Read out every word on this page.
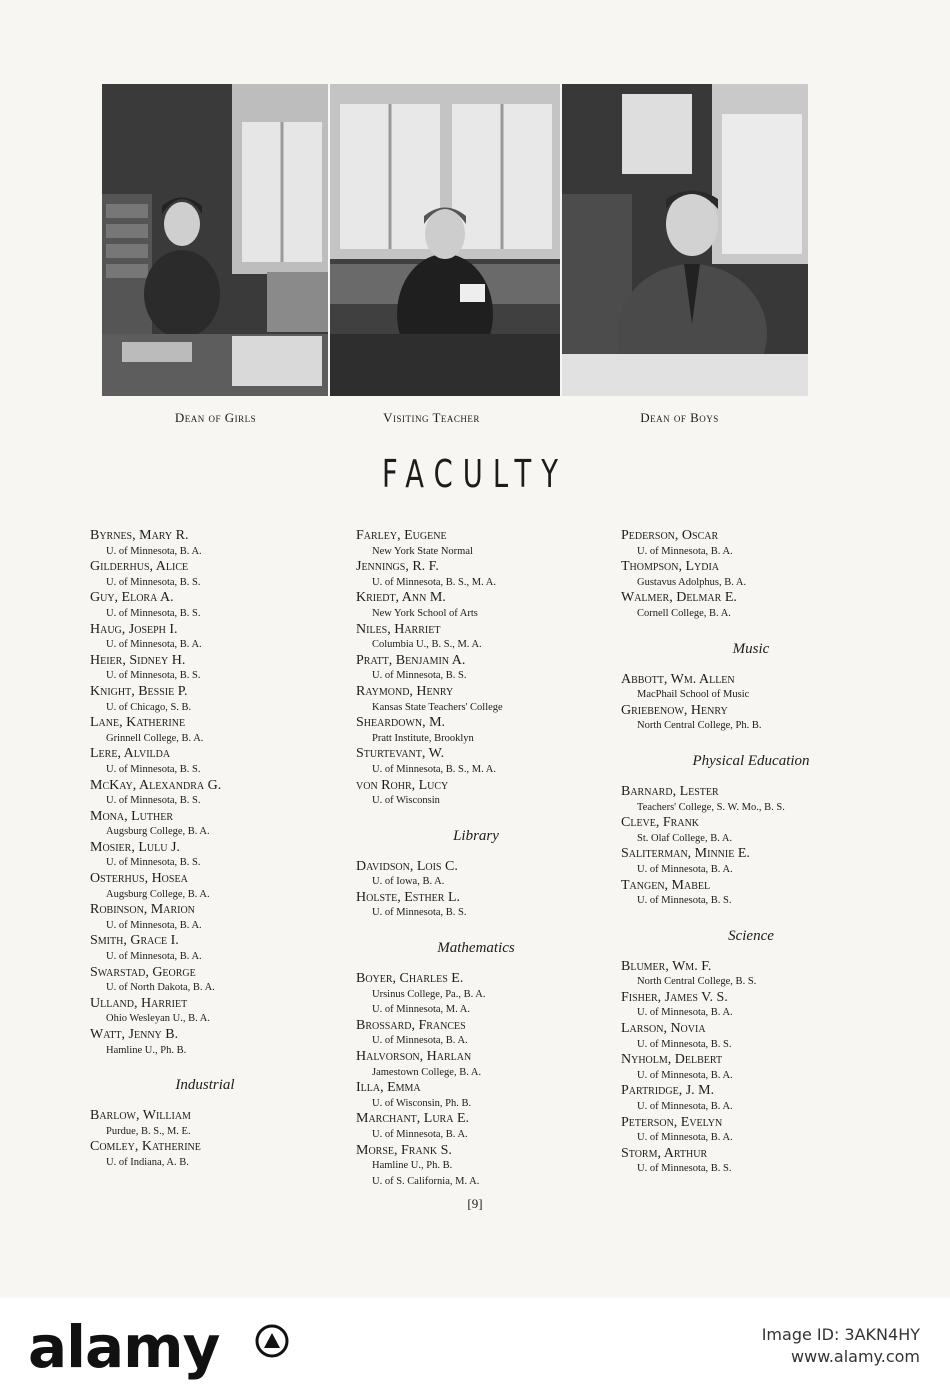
Dean of Girls	Visiting Teacher	Dean of Boys
FACULTY
Byrnes, Mary R.
U. of Minnesota, B. A.
Gilderhus, Alice
U. of Minnesota, B. S.
Guy, Elora A.
U. of Minnesota, B. S.
Haug, Joseph I.
U. of Minnesota, B. A.
Heier, Sidney H.
U. of Minnesota, B. S.
Knight, Bessie P.
U. of Chicago, S. B.
Lane, Katherine
Grinnell College, B. A.
Lere, Alvilda
U. of Minnesota, B. S.
McKay, Alexandra G.
U. of Minnesota, B. S.
Mona, Luther
Augsburg College, B. A.
Mosier, Lulu J.
U. of Minnesota, B. S.
Osterhus, Hosea
Augsburg College, B. A.
Robinson, Marion
U. of Minnesota, B. A.
Smith, Grace I.
U. of Minnesota, B. A.
Swarstad, George
U. of North Dakota, B. A.
Ulland, Harriet
Ohio Wesleyan U., B. A.
Watt, Jenny B.
Hamline U., Ph. B.
Industrial
Barlow, William
Purdue, B. S., M. E.
Comley, Katherine
U. of Indiana, A. B.
Farley, Eugene
New York State Normal
Jennings, R. F.
U. of Minnesota, B. S., M. A.
Kriedt, Ann M.
New York School of Arts
Niles, Harriet
Columbia U., B. S., M. A.
Pratt, Benjamin A.
U. of Minnesota, B. S.
Raymond, Henry
Kansas State Teachers' College
Sheardown, M.
Pratt Institute, Brooklyn
Sturtevant, W.
U. of Minnesota, B. S., M. A.
von Rohr, Lucy
U. of Wisconsin
Library
Davidson, Lois C.
U. of Iowa, B. A.
Holste, Esther L.
U. of Minnesota, B. S.
Mathematics
Boyer, Charles E.
Ursinus College, Pa., B. A.
U. of Minnesota, M. A.
Brossard, Frances
U. of Minnesota, B. A.
Halvorson, Harlan
Jamestown College, B. A.
Illa, Emma
U. of Wisconsin, Ph. B.
Marchant, Lura E.
U. of Minnesota, B. A.
Morse, Frank S.
Hamline U., Ph. B.
U. of S. California, M. A.
Pederson, Oscar
U. of Minnesota, B. A.
Thompson, Lydia
Gustavus Adolphus, B. A.
Walmer, Delmar E.
Cornell College, B. A.
Music
Abbott, Wm. Allen
MacPhail School of Music
Griebenow, Henry
North Central College, Ph. B.
Physical Education
Barnard, Lester
Teachers' College, S. W. Mo., B. S.
Cleve, Frank
St. Olaf College, B. A.
Saliterman, Minnie E.
U. of Minnesota, B. A.
Tangen, Mabel
U. of Minnesota, B. S.
Science
Blumer, Wm. F.
North Central College, B. S.
Fisher, James V. S.
U. of Minnesota, B. A.
Larson, Novia
U. of Minnesota, B. S.
Nyholm, Delbert
U. of Minnesota, B. A.
Partridge, J. M.
U. of Minnesota, B. A.
Peterson, Evelyn
U. of Minnesota, B. A.
Storm, Arthur
U. of Minnesota, B. S.
[9]
alamy	Image ID: 3AKN4HY
www.alamy.com
